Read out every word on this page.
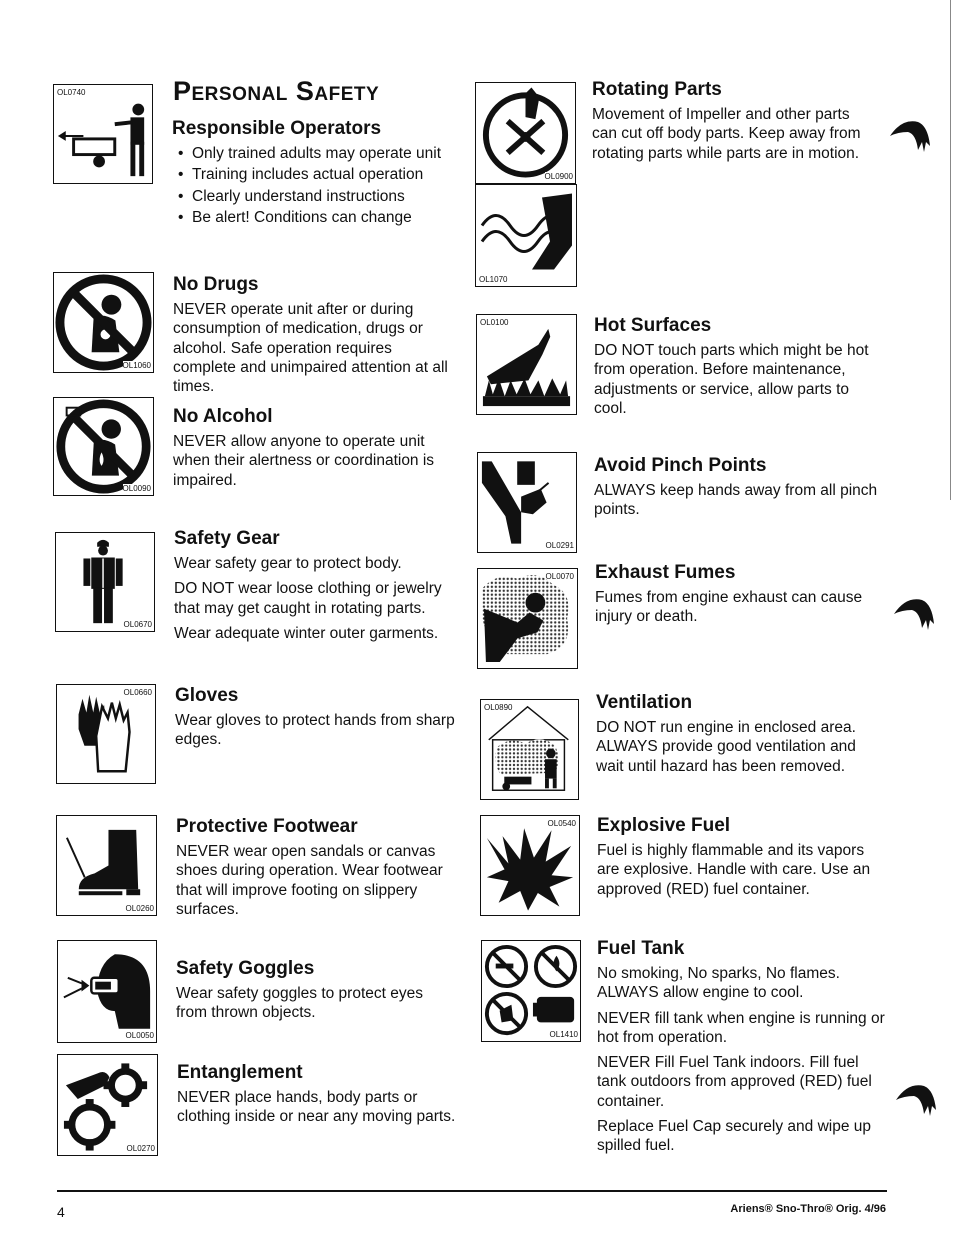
Personal Safety
OL0740
Responsible Operators
• Only trained adults may operate unit
• Training includes actual operation
• Clearly understand instructions
• Be alert! Conditions can change
OL1060
No Drugs

NEVER operate unit after or during consumption of medication, drugs or alcohol. Safe operation requires complete and unimpaired attention at all times.

OL0090
No Alcohol

NEVER allow anyone to operate unit when their alertness or coordination is impaired.

OL0670
Safety Gear

Wear safety gear to protect body.

DO NOT wear loose clothing or jewelry that may get caught in rotating parts.

Wear adequate winter outer garments.

OL0660 Gloves

Wear gloves to protect hands from sharp edges.

OL0260
Protective Footwear

NEVER wear open sandals or canvas shoes during operation. Wear footwear that will improve footing on slippery surfaces.

OL0050
Safety Goggles

Wear safety goggles to protect eyes from thrown objects.

OL0270
Entanglement

NEVER place hands, body parts or clothing inside or near any moving parts.

OL0900
OL1070
Rotating Parts

Movement of Impeller and other parts can cut off body parts. Keep away from rotating parts while parts are in motion.

OL0100	Hot Surfaces

DO NOT touch parts which might be hot from operation. Before maintenance, adjustments or service, allow parts to cool.

OL0291
Avoid Pinch Points

ALWAYS keep hands away from all pinch points.

OL0070 Exhaust Fumes

Fumes from engine exhaust can cause injury or death.

OL0890	Ventilation

DO NOT run engine in enclosed area. ALWAYS provide good ventilation and wait until hazard has been removed.

OL0540 Explosive Fuel

Fuel is highly flammable and its vapors are explosive. Handle with care. Use an approved (RED) fuel container.

OL1410
Fuel Tank

No smoking, No sparks, No flames. ALWAYS allow engine to cool.

NEVER fill tank when engine is running or hot from operation.

NEVER Fill Fuel Tank indoors. Fill fuel tank outdoors from approved (RED) fuel container.

Replace Fuel Cap securely and wipe up spilled fuel.

4	Ariens® Sno-Thro® Orig. 4/96
